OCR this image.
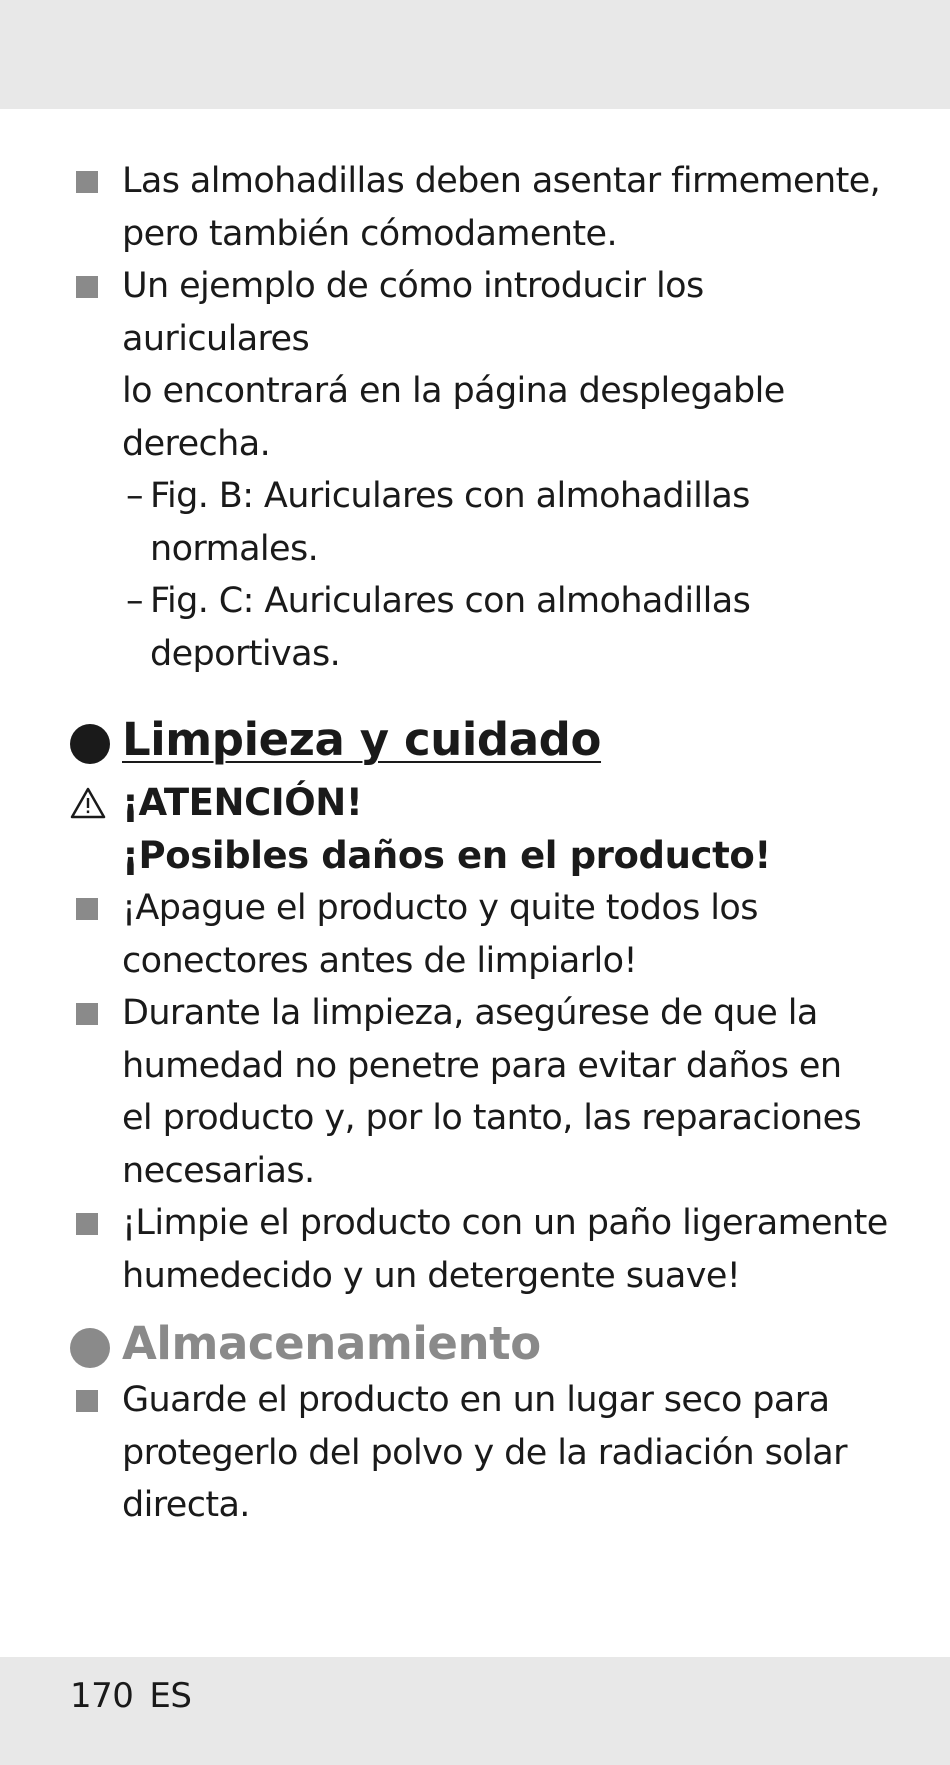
Las almohadillas deben asentar firmemente,
pero también cómodamente.
Un ejemplo de cómo introducir los auriculares
lo encontrará en la página desplegable
derecha.
– Fig. B: Auriculares con almohadillas
normales.
– Fig. C: Auriculares con almohadillas
deportivas.
Limpieza y cuidado
¡ATENCIÓN!
¡Posibles daños en el producto!
¡Apague el producto y quite todos los
conectores antes de limpiarlo!
Durante la limpieza, asegúrese de que la
humedad no penetre para evitar daños en
el producto y, por lo tanto, las reparaciones
necesarias.
¡Limpie el producto con un paño ligeramente
humedecido y un detergente suave!
Almacenamiento
Guarde el producto en un lugar seco para
protegerlo del polvo y de la radiación solar
directa.
170 ES
